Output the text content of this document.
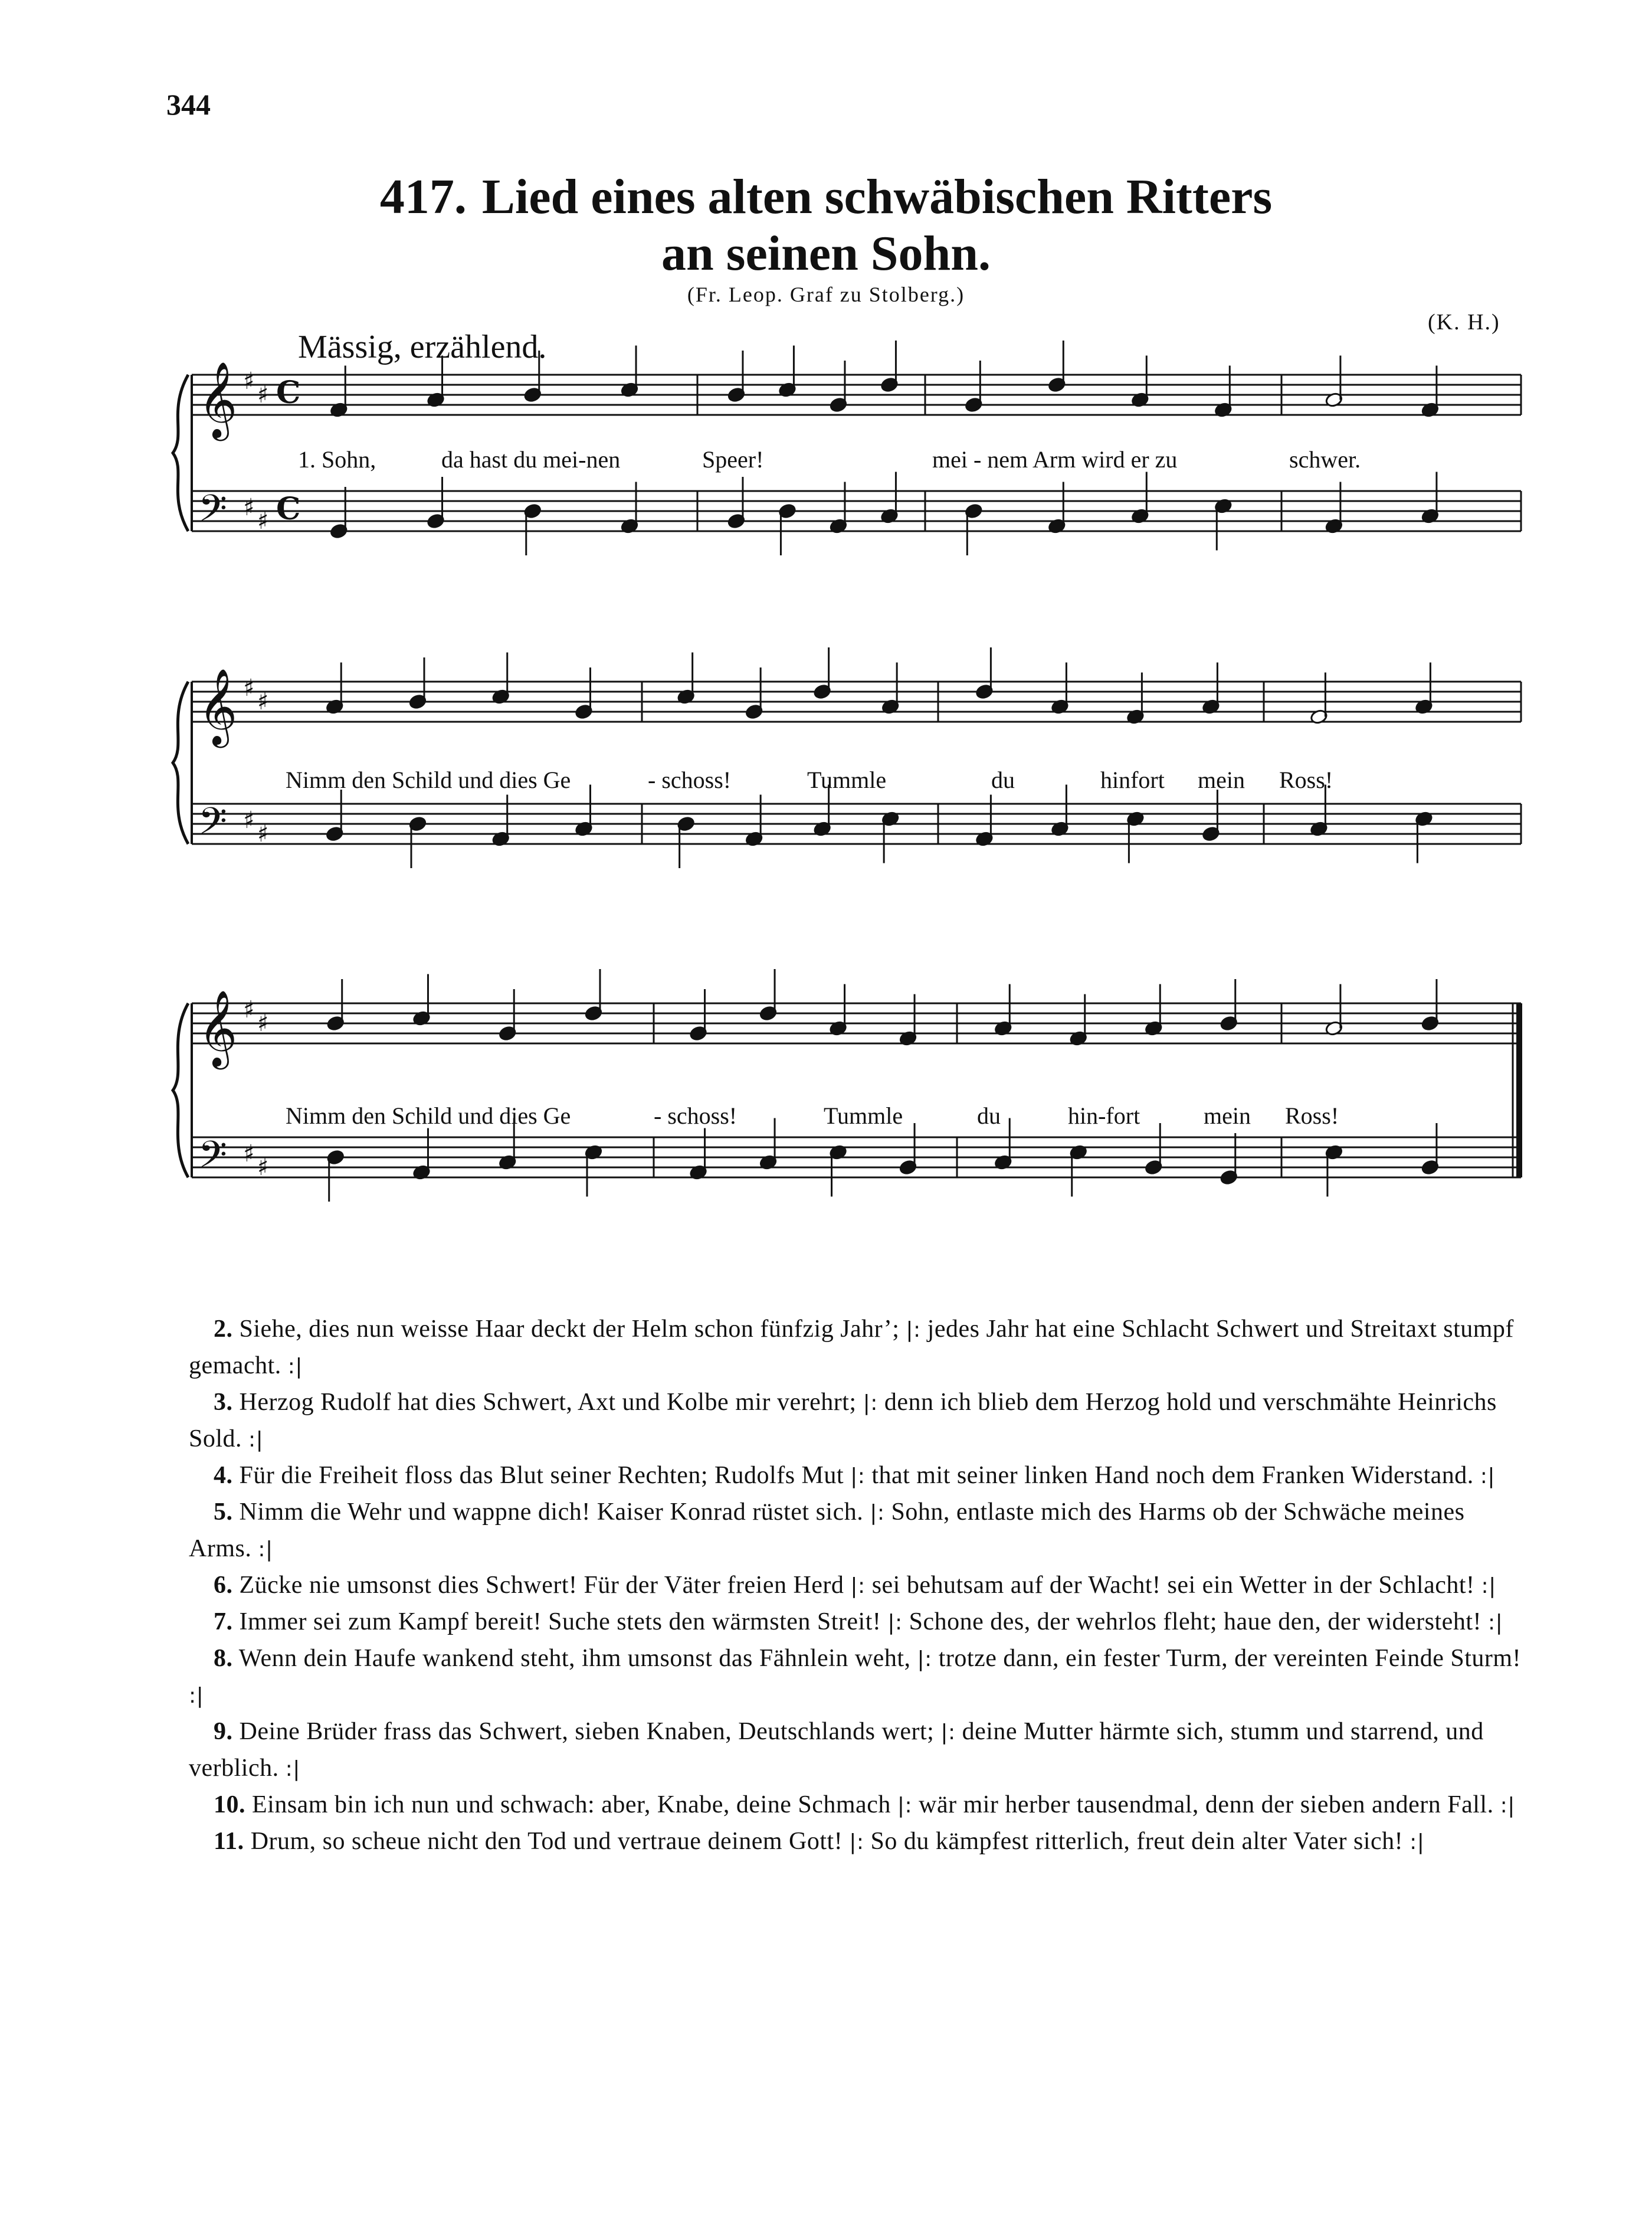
344
417. Lied eines alten schwäbischen Ritters
an seinen Sohn.
(Fr. Leop. Graf zu Stolberg.)
(K. H.)
Mässig, erzählend.
𝄞
𝄢
♯ ♯
♯ ♯
C
C
𝄞
𝄢
♯ ♯
♯ ♯
𝄞
𝄢
♯ ♯
♯ ♯
1. Sohn,	da hast du mei-nen	Speer!	mei - nem Arm wird er zu	schwer.
Nimm den Schild und dies Ge	- schoss!	Tummle	du	hinfort mein Ross!
Nimm den Schild und dies Ge	- schoss!	Tummle	du	hin-fort	mein Ross!

2. Siehe, dies nun weisse Haar deckt der Helm schon fünfzig Jahr’; |: jedes Jahr hat eine Schlacht Schwert und Streitaxt stumpf gemacht. :|

3. Herzog Rudolf hat dies Schwert, Axt und Kolbe mir verehrt; |: denn ich blieb dem Herzog hold und verschmähte Heinrichs Sold. :|

4. Für die Freiheit floss das Blut seiner Rechten; Rudolfs Mut |: that mit seiner linken Hand noch dem Franken Widerstand. :|

5. Nimm die Wehr und wappne dich! Kaiser Konrad rüstet sich. |: Sohn, entlaste mich des Harms ob der Schwäche meines Arms. :|

6. Zücke nie umsonst dies Schwert! Für der Väter freien Herd |: sei behutsam auf der Wacht! sei ein Wetter in der Schlacht! :|

7. Immer sei zum Kampf bereit! Suche stets den wärmsten Streit! |: Schone des, der wehrlos fleht; haue den, der widersteht! :|

8. Wenn dein Haufe wankend steht, ihm umsonst das Fähnlein weht, |: trotze dann, ein fester Turm, der vereinten Feinde Sturm! :|

9. Deine Brüder frass das Schwert, sieben Knaben, Deutschlands wert; |: deine Mutter härmte sich, stumm und starrend, und verblich. :|

10. Einsam bin ich nun und schwach: aber, Knabe, deine Schmach |: wär mir herber tausendmal, denn der sieben andern Fall. :|

11. Drum, so scheue nicht den Tod und vertraue deinem Gott! |: So du kämpfest ritterlich, freut dein alter Vater sich! :|
